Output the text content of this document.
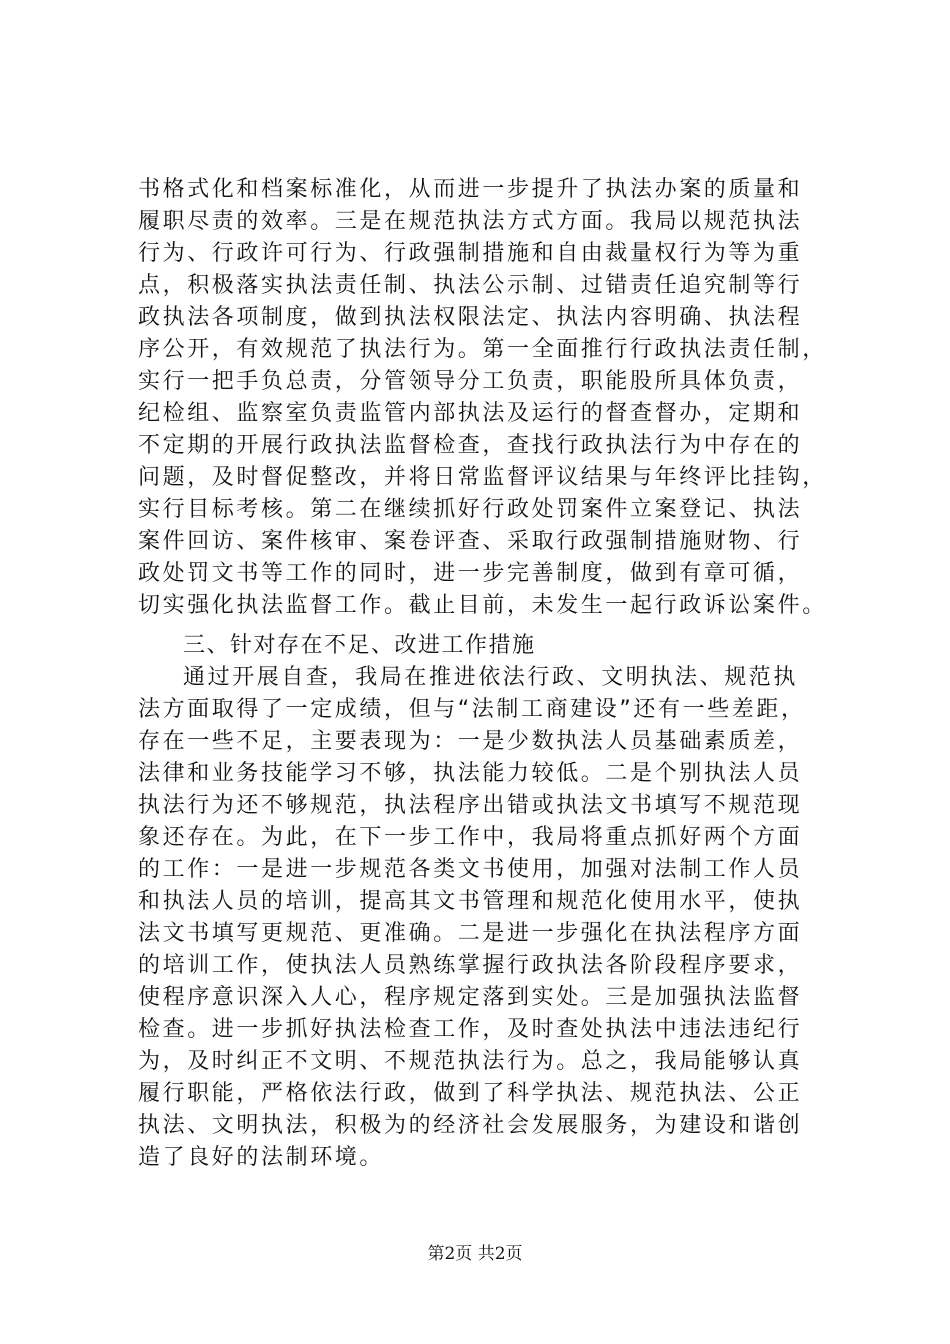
书格式化和档案标准化，从而进一步提升了执法办案的质量和
履职尽责的效率。三是在规范执法方式方面。我局以规范执法
行为、行政许可行为、行政强制措施和自由裁量权行为等为重
点，积极落实执法责任制、执法公示制、过错责任追究制等行
政执法各项制度，做到执法权限法定、执法内容明确、执法程
序公开，有效规范了执法行为。第一全面推行行政执法责任制，
实行一把手负总责，分管领导分工负责，职能股所具体负责，
纪检组、监察室负责监管内部执法及运行的督查督办，定期和
不定期的开展行政执法监督检查，查找行政执法行为中存在的
问题，及时督促整改，并将日常监督评议结果与年终评比挂钩，
实行目标考核。第二在继续抓好行政处罚案件立案登记、执法
案件回访、案件核审、案卷评查、采取行政强制措施财物、行
政处罚文书等工作的同时，进一步完善制度，做到有章可循，
切实强化执法监督工作。截止目前，未发生一起行政诉讼案件。
三、针对存在不足、改进工作措施
通过开展自查，我局在推进依法行政、文明执法、规范执
法方面取得了一定成绩，但与“法制工商建设”还有一些差距，
存在一些不足，主要表现为：一是少数执法人员基础素质差，
法律和业务技能学习不够，执法能力较低。二是个别执法人员
执法行为还不够规范，执法程序出错或执法文书填写不规范现
象还存在。为此，在下一步工作中，我局将重点抓好两个方面
的工作：一是进一步规范各类文书使用，加强对法制工作人员
和执法人员的培训，提高其文书管理和规范化使用水平，使执
法文书填写更规范、更准确。二是进一步强化在执法程序方面
的培训工作，使执法人员熟练掌握行政执法各阶段程序要求，
使程序意识深入人心，程序规定落到实处。三是加强执法监督
检查。进一步抓好执法检查工作，及时查处执法中违法违纪行
为，及时纠正不文明、不规范执法行为。总之，我局能够认真
履行职能，严格依法行政，做到了科学执法、规范执法、公正
执法、文明执法，积极为的经济社会发展服务，为建设和谐创
造了良好的法制环境。
第2页 共2页
